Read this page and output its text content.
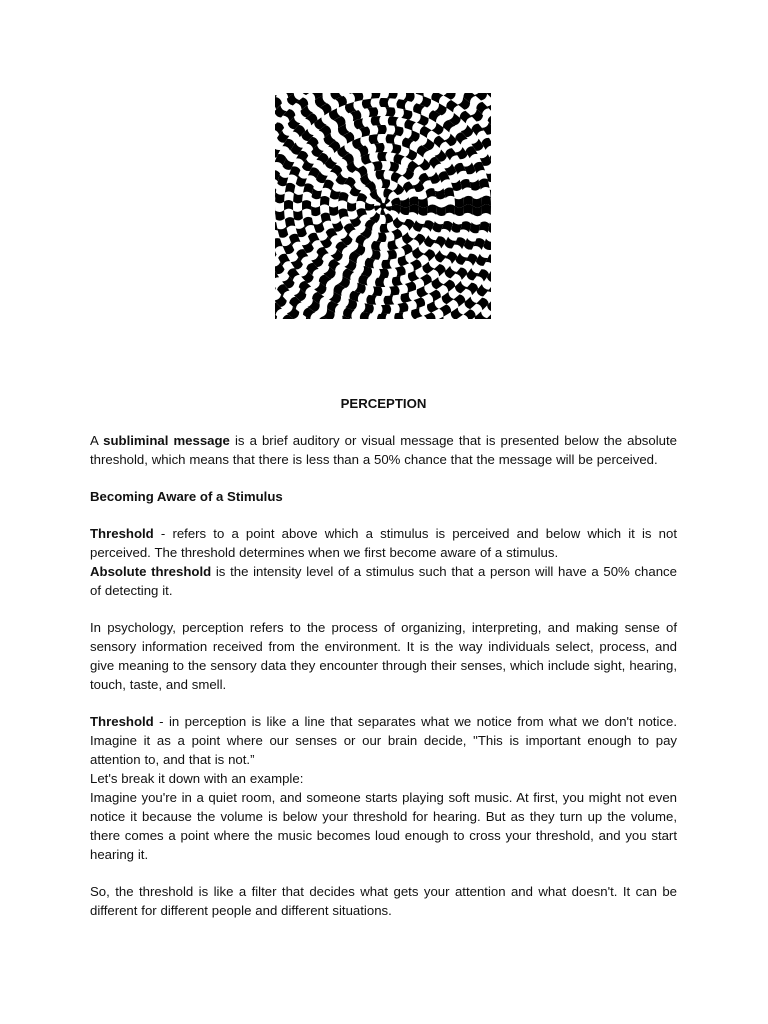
PERCEPTION

A subliminal message is a brief auditory or visual message that is presented below the absolute threshold, which means that there is less than a 50% chance that the message will be perceived.

Becoming Aware of a Stimulus

Threshold - refers to a point above which a stimulus is perceived and below which it is not perceived. The threshold determines when we first become aware of a stimulus.

Absolute threshold is the intensity level of a stimulus such that a person will have a 50% chance of detecting it.

In psychology, perception refers to the process of organizing, interpreting, and making sense of sensory information received from the environment. It is the way individuals select, process, and give meaning to the sensory data they encounter through their senses, which include sight, hearing, touch, taste, and smell.

Threshold - in perception is like a line that separates what we notice from what we don't notice. Imagine it as a point where our senses or our brain decide, "This is important enough to pay attention to, and that is not.”

Let's break it down with an example:

Imagine you're in a quiet room, and someone starts playing soft music. At first, you might not even notice it because the volume is below your threshold for hearing. But as they turn up the volume, there comes a point where the music becomes loud enough to cross your threshold, and you start hearing it.

So, the threshold is like a filter that decides what gets your attention and what doesn't. It can be different for different people and different situations.
